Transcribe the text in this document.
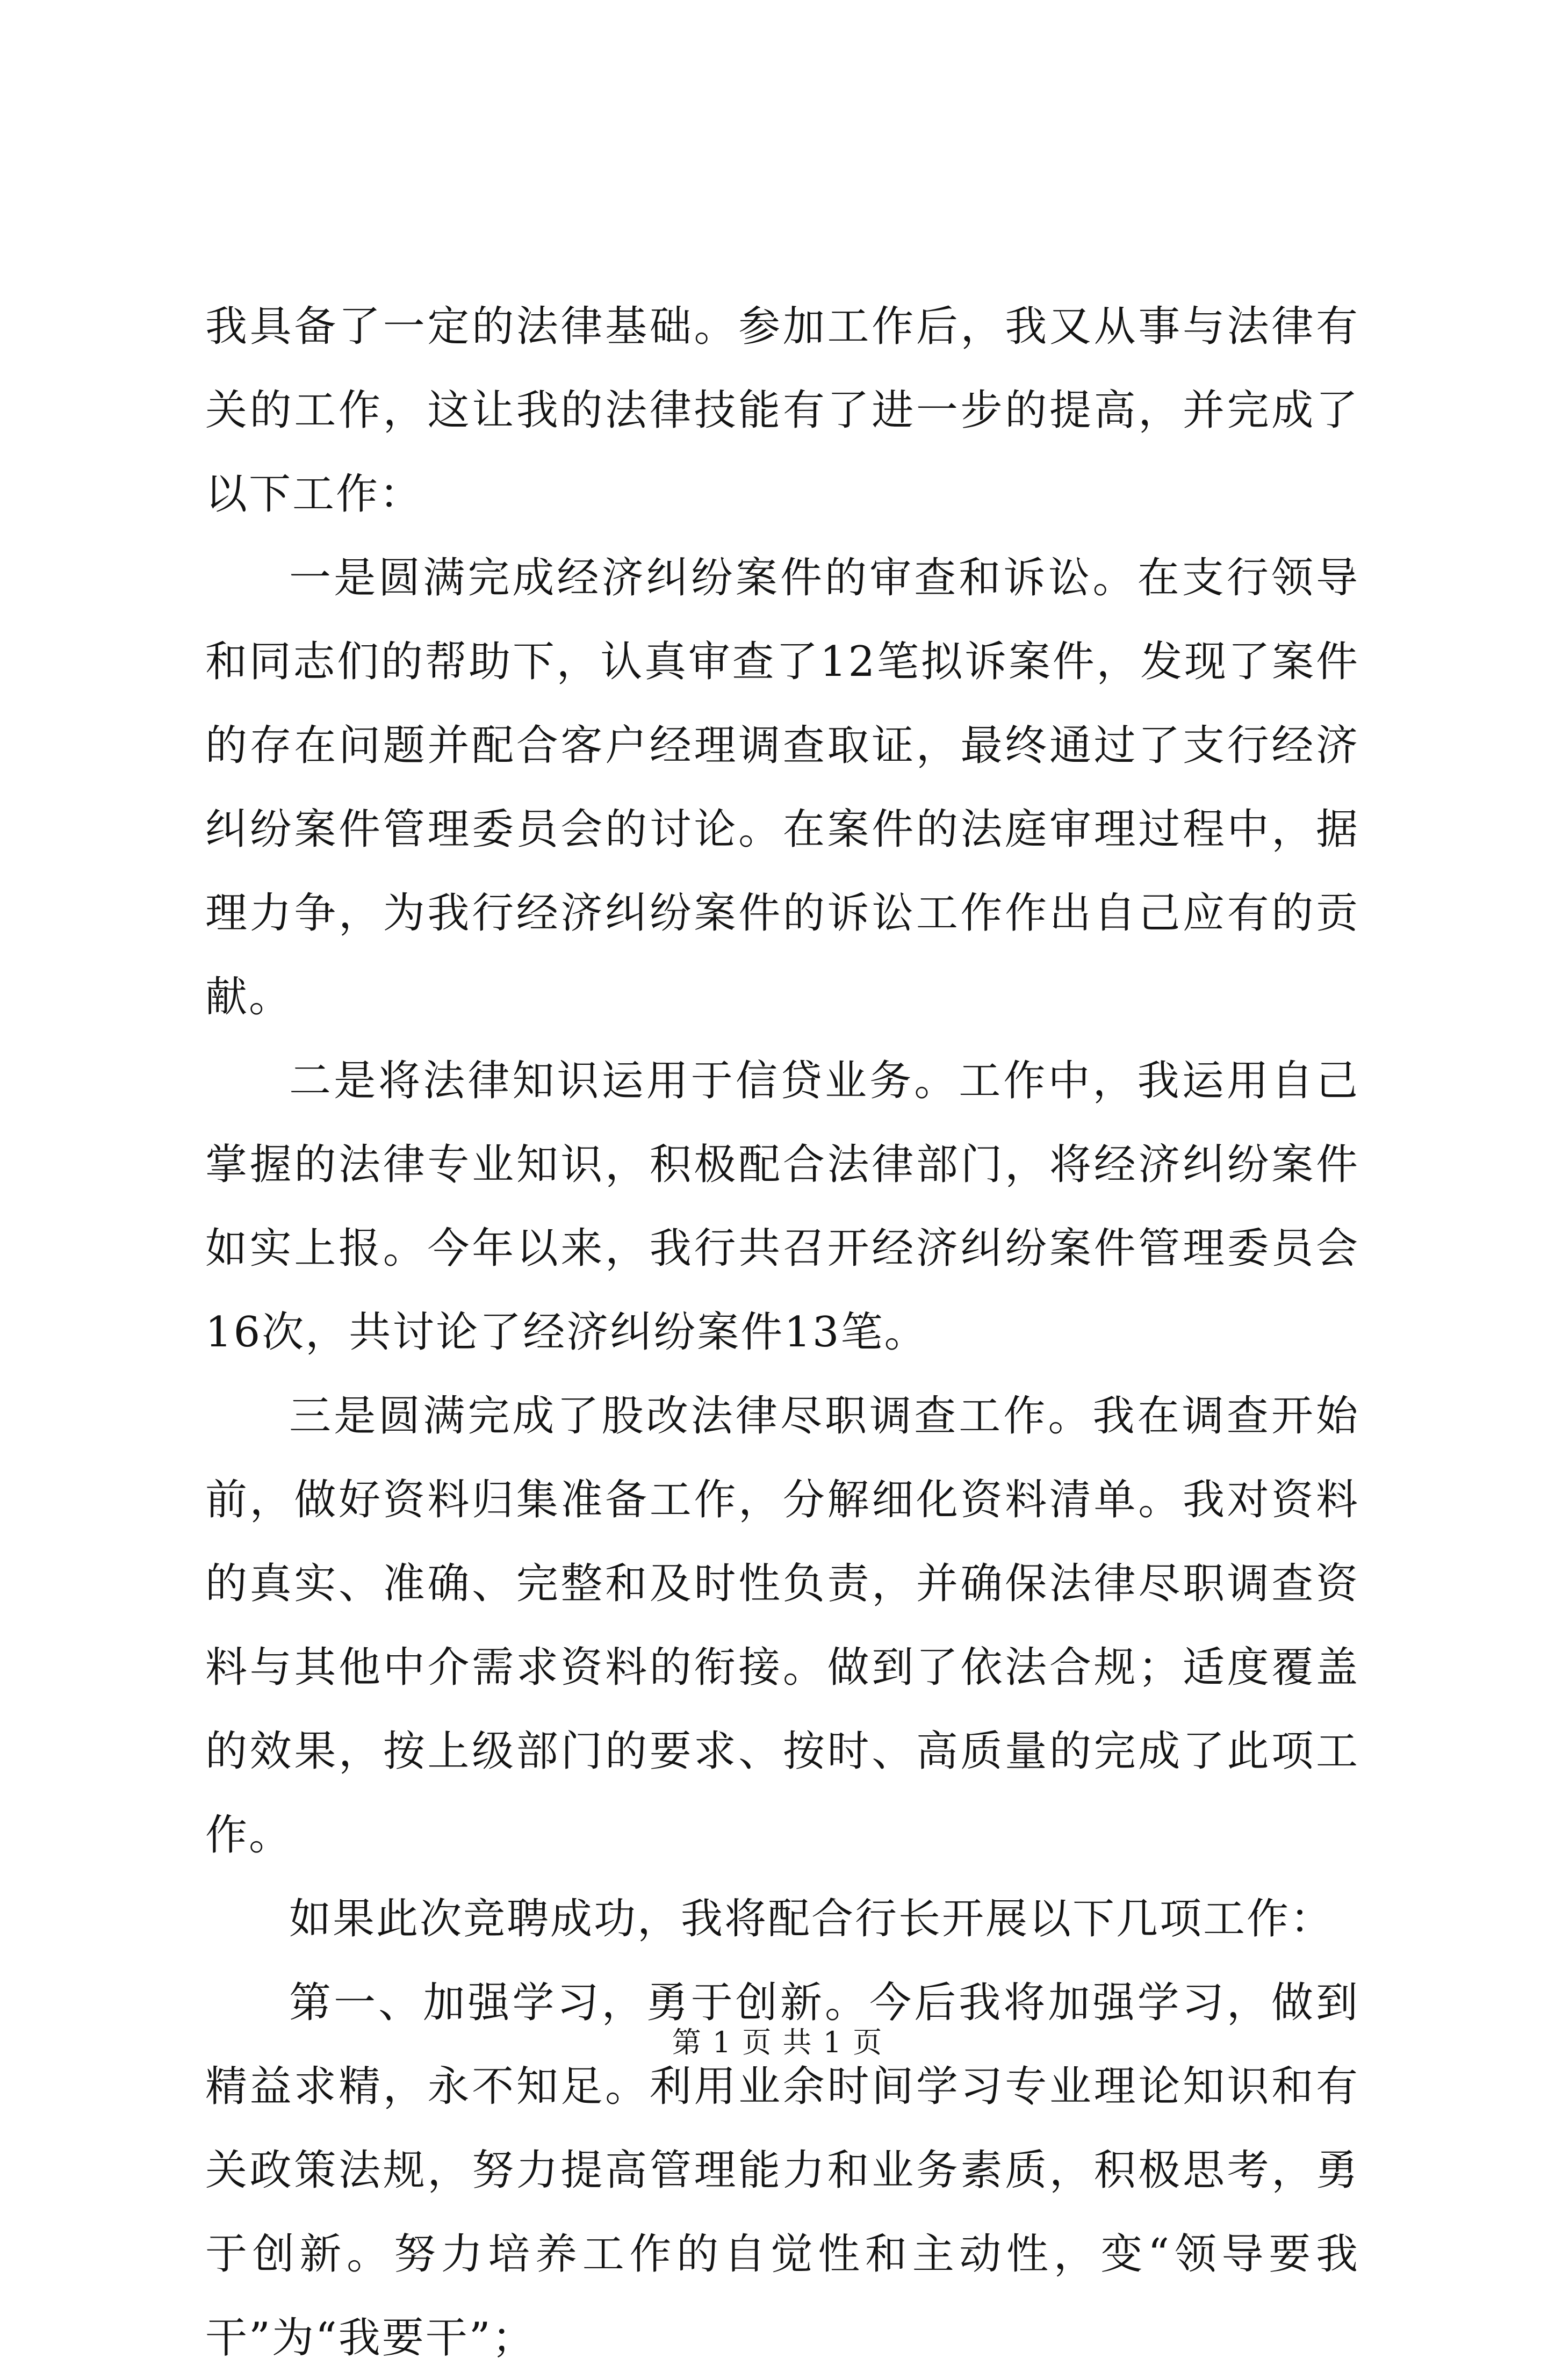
我具备了一定的法律基础。参加工作后，我又从事与法律有关的工作，这让我的法律技能有了进一步的提高，并完成了以下工作：

一是圆满完成经济纠纷案件的审查和诉讼。在支行领导和同志们的帮助下，认真审查了12笔拟诉案件，发现了案件的存在问题并配合客户经理调查取证，最终通过了支行经济纠纷案件管理委员会的讨论。在案件的法庭审理过程中，据理力争，为我行经济纠纷案件的诉讼工作作出自己应有的贡献。

二是将法律知识运用于信贷业务。工作中，我运用自己掌握的法律专业知识，积极配合法律部门，将经济纠纷案件如实上报。今年以来，我行共召开经济纠纷案件管理委员会16次，共讨论了经济纠纷案件13笔。

三是圆满完成了股改法律尽职调查工作。我在调查开始前，做好资料归集准备工作，分解细化资料清单。我对资料的真实、准确、完整和及时性负责，并确保法律尽职调查资料与其他中介需求资料的衔接。做到了依法合规；适度覆盖的效果，按上级部门的要求、按时、高质量的完成了此项工作。

如果此次竞聘成功，我将配合行长开展以下几项工作：

第一、加强学习，勇于创新。今后我将加强学习，做到精益求精，永不知足。利用业余时间学习专业理论知识和有关政策法规，努力提高管理能力和业务素质，积极思考，勇于创新。努力培养工作的自觉性和主动性，变“领导要我干”为“我要干”；

第 1 页 共 1 页
